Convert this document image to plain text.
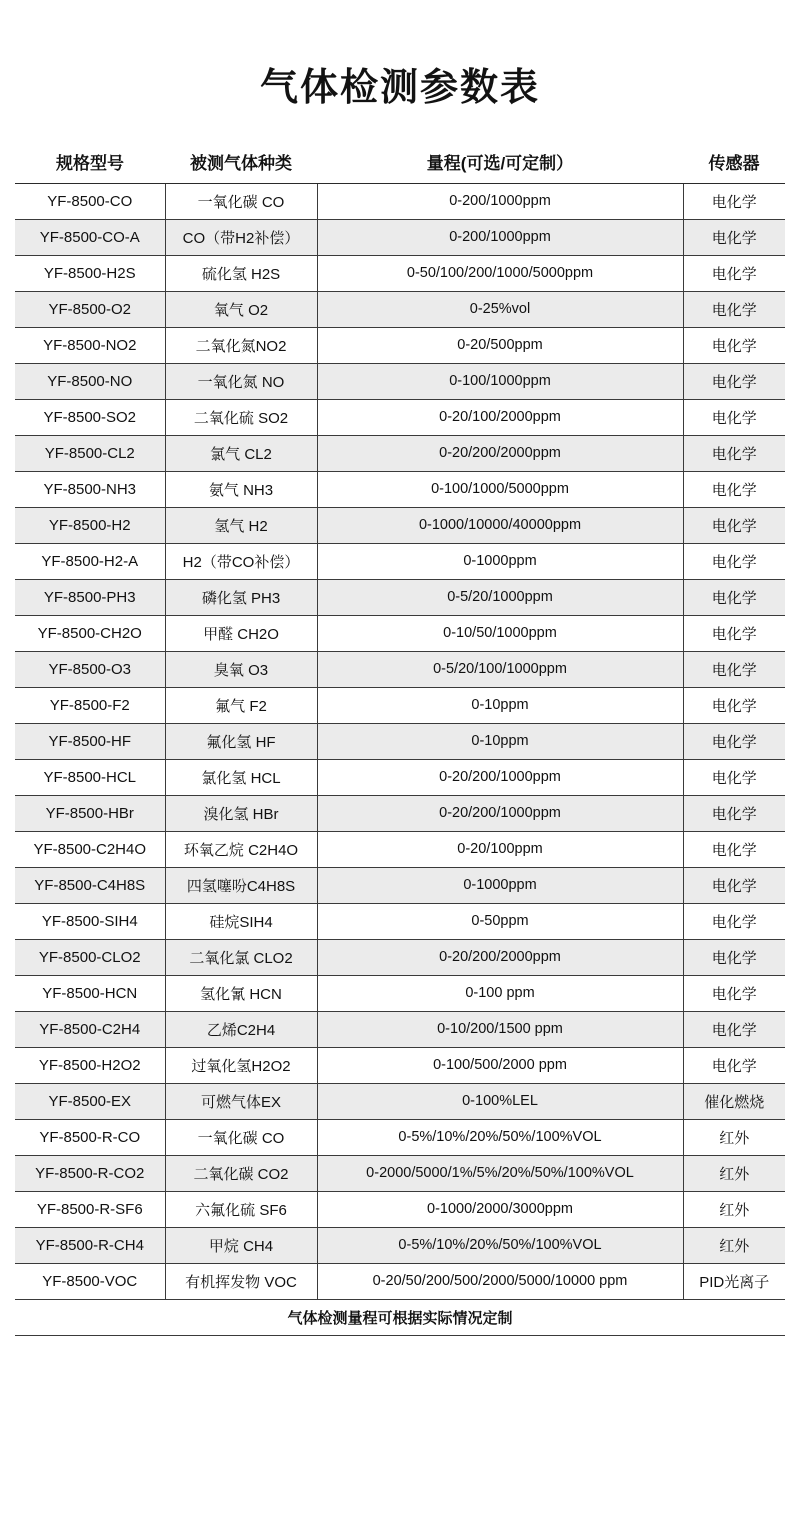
气体检测参数表
规格型号	被测气体种类	量程(可选/可定制）	传感器
YF-8500-CO	一氧化碳 CO	0-200/1000ppm	电化学
YF-8500-CO-A	CO（带H2补偿）	0-200/1000ppm	电化学
YF-8500-H2S	硫化氢 H2S	0-50/100/200/1000/5000ppm	电化学
YF-8500-O2	氧气 O2	0-25%vol	电化学
YF-8500-NO2	二氧化氮NO2	0-20/500ppm	电化学
YF-8500-NO	一氧化氮 NO	0-100/1000ppm	电化学
YF-8500-SO2	二氧化硫 SO2	0-20/100/2000ppm	电化学
YF-8500-CL2	氯气 CL2	0-20/200/2000ppm	电化学
YF-8500-NH3	氨气 NH3	0-100/1000/5000ppm	电化学
YF-8500-H2	氢气 H2	0-1000/10000/40000ppm	电化学
YF-8500-H2-A	H2（带CO补偿）	0-1000ppm	电化学
YF-8500-PH3	磷化氢 PH3	0-5/20/1000ppm	电化学
YF-8500-CH2O	甲醛 CH2O	0-10/50/1000ppm	电化学
YF-8500-O3	臭氧 O3	0-5/20/100/1000ppm	电化学
YF-8500-F2	氟气 F2	0-10ppm	电化学
YF-8500-HF	氟化氢 HF	0-10ppm	电化学
YF-8500-HCL	氯化氢 HCL	0-20/200/1000ppm	电化学
YF-8500-HBr	溴化氢 HBr	0-20/200/1000ppm	电化学
YF-8500-C2H4O	环氧乙烷 C2H4O	0-20/100ppm	电化学
YF-8500-C4H8S	四氢噻吩C4H8S	0-1000ppm	电化学
YF-8500-SIH4	硅烷SIH4	0-50ppm	电化学
YF-8500-CLO2	二氧化氯 CLO2	0-20/200/2000ppm	电化学
YF-8500-HCN	氢化氰 HCN	0-100 ppm	电化学
YF-8500-C2H4	乙烯C2H4	0-10/200/1500 ppm	电化学
YF-8500-H2O2	过氧化氢H2O2	0-100/500/2000 ppm	电化学
YF-8500-EX	可燃气体EX	0-100%LEL	催化燃烧
YF-8500-R-CO	一氧化碳 CO	0-5%/10%/20%/50%/100%VOL	红外
YF-8500-R-CO2	二氧化碳 CO2	0-2000/5000/1%/5%/20%/50%/100%VOL	红外
YF-8500-R-SF6	六氟化硫 SF6	0-1000/2000/3000ppm	红外
YF-8500-R-CH4	甲烷 CH4	0-5%/10%/20%/50%/100%VOL	红外
YF-8500-VOC	有机挥发物 VOC	0-20/50/200/500/2000/5000/10000 ppm	PID光离子
气体检测量程可根据实际情况定制			
